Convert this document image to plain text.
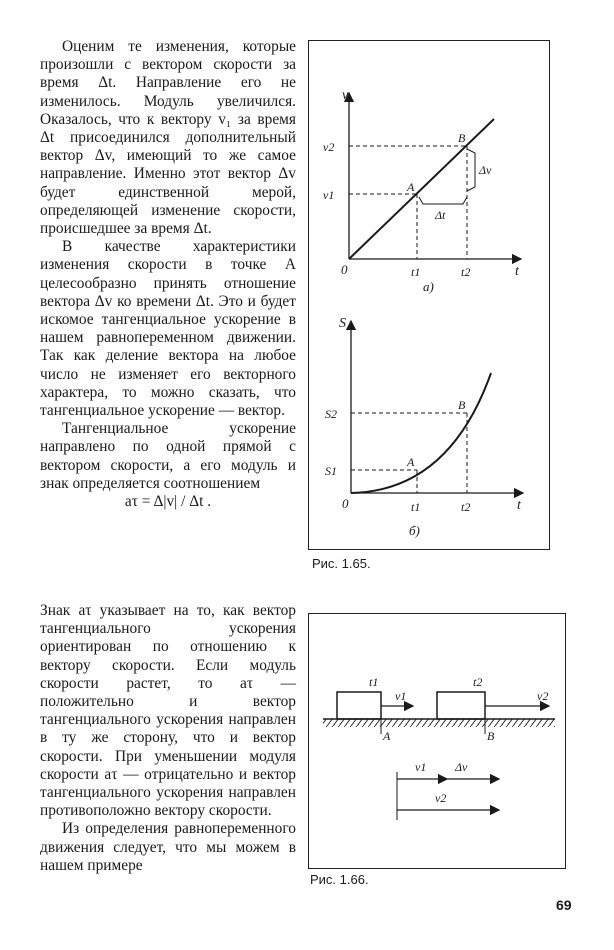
Оценим те изменения, которые произошли с вектором скорости за время Δt. Направление его не изменилось. Модуль увеличился. Оказалось, что к вектору v₁ за время Δt присоединился дополнительный вектор Δv, имеющий то же самое направление. Именно этот вектор Δv будет единственной мерой, определяющей изменение скорости, происшедшее за время Δt.

В качестве характеристики изменения скорости в точке A целесообразно принять отношение вектора Δv ко времени Δt. Это и будет искомое тангенциальное ускорение в нашем равнопеременном движении. Так как деление вектора на любое число не изменяет его векторного характера, то можно сказать, что тангенциальное ускорение — вектор.

Тангенциальное ускорение направлено по одной прямой с вектором скорости, а его модуль и знак определяется соотношением

aτ = Δ|v| / Δt .

Знак aτ указывает на то, как вектор тангенциального ускорения ориентирован по отношению к вектору скорости. Если модуль скорости растет, то aτ — положительно и вектор тангенциального ускорения направлен в ту же сторону, что и вектор скорости. При уменьшении модуля скорости aτ — отрицательно и вектор тангенциального ускорения направлен противоположно вектору скорости.

Из определения равнопеременного движения следует, что мы можем в нашем примере

v
t
0
v2
v1
t1	t2
A
B
Δv
Δt
а)
S
t
0
S2
S1
t1	t2
A
B
б)
Рис. 1.65.
t1
v1
t2
v2
A	B
v1 Δv
v2
Рис. 1.66.
69
